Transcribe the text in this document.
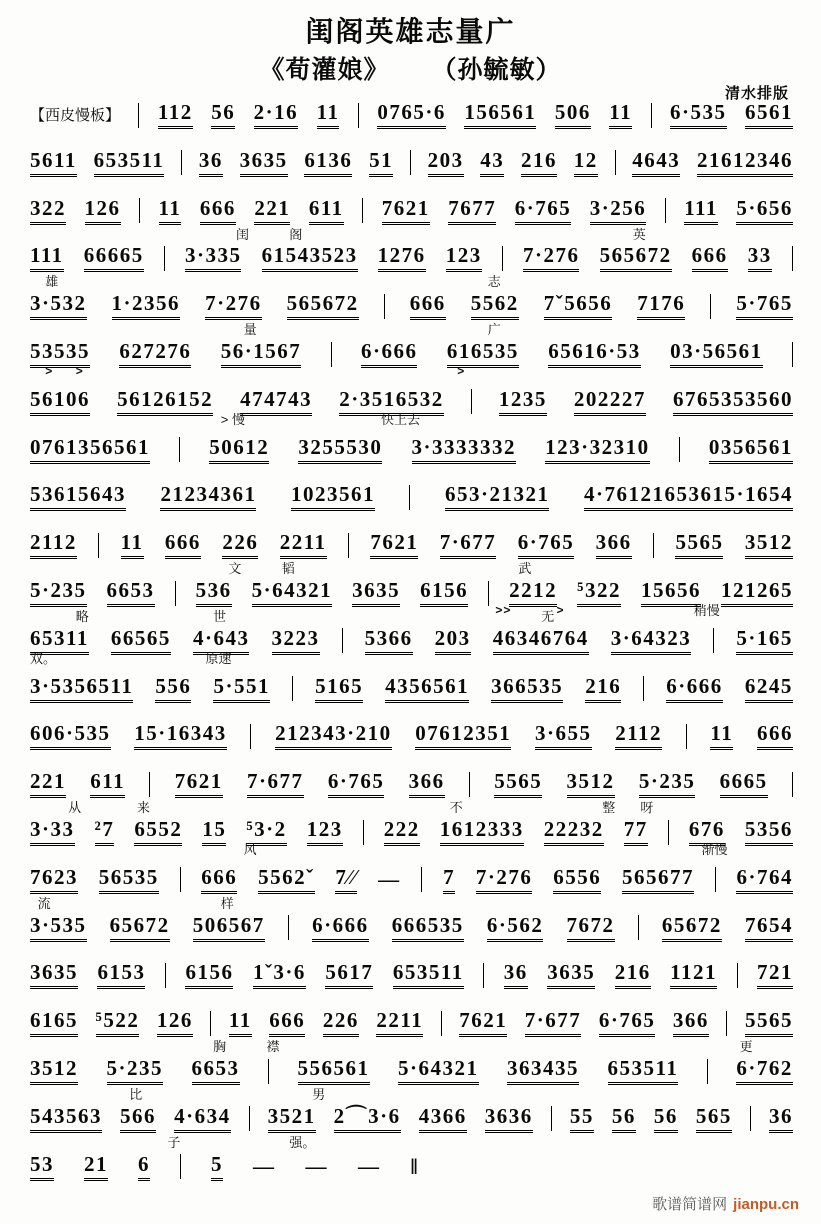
闺阁英雄志量广
《荀灌娘》 （孙毓敏）
清水排版
【西皮慢板】 112 56 2·16 11 0765·6 156561 506 11 6·535 6561
5611 653511 36 3635 6136 51 203 43 216 12 4643 21612346
322 126 11 666 221 611 7621 7677 6·765 3·256 111 5·656
闺	阁	英
111 66665 3·335 61543523 1276 123 7·276 565672 666 33
雄	志
3·532 1·2356 7·276 565672 666 5562 7ˇ5656 7176 5·765
量	广
53535 627276 56·1567	6·666 616535 65616·53 03·56561
56106 56126152 474743 2·3516532	1235 202227 6765353560
> >	>
0761356561	50612 3255530 3·3333332 123·32310	0356561
> 慢	快上去
53615643 21234361 1023561	653·21321 4·76121653615·1654
2112 11 666 226 2211 7621 7·677 6·765 366 5565 3512
文	韬	武
5·235 6653 536 5·64321 3635 6156 2212 ⁵322 15656 121265
略	世	无
65311 66565 4·643 3223 5366 203 46346764 3·64323 5·165
>>	>	稍慢
3·5356511 556 5·551 5165 4356561 366535 216 6·666 6245
双。	原速
606·535 15·16343 212343·210 07612351 3·655 2112 11 666
221 611 7621 7·677 6·765 366 5565 3512 5·235 6665
从	来	不	整 呀
3·33 ²7 6552 15 ⁵3·2 123 222 1612333 22232 77 676 5356
7623 56535 666 5562ˇ 7⁄⁄ — 7 7·276 6556 565677 6·764
风	渐慢
流	样
3·535 65672 506567 6·666 666535 6·562 7672 65672 7654
3635 6153 6156 1ˇ3·6 5617 653511 36 3635 216 1121 721
6165 ⁵522 126 11 666 226 2211 7621 7·677 6·765 366 5565
胸	襟	更
3512 5·235 6653	556561 5·64321 363435 653511	6·762
比	男
543563 566 4·634 3521 2⌒3·6 4366 3636 55 56 56 565 36
子	强。
53 21 6	5 — — — ‖
歌谱简谱网 jianpu.cn
